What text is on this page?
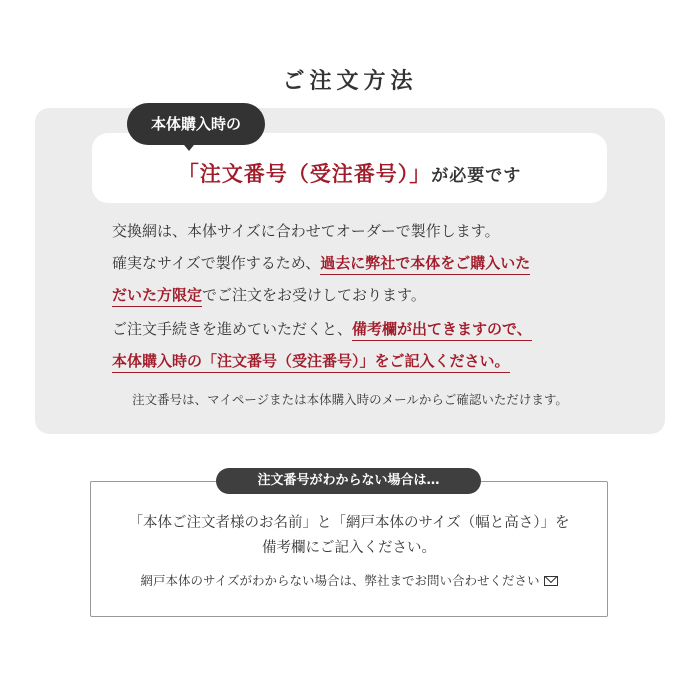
ご注文方法
本体購入時の
「注文番号（受注番号）」が必要です
交換網は、本体サイズに合わせてオーダーで製作します。
確実なサイズで製作するため、過去に弊社で本体をご購入いた
だいた方限定でご注文をお受けしております。
ご注文手続きを進めていただくと、備考欄が出てきますので、
本体購入時の「注文番号（受注番号）」をご記入ください。
注文番号は、マイページまたは本体購入時のメールからご確認いただけます。
注文番号がわからない場合は…
「本体ご注文者様のお名前」と「網戸本体のサイズ（幅と高さ）」を
備考欄にご記入ください。
網戸本体のサイズがわからない場合は、弊社までお問い合わせください
